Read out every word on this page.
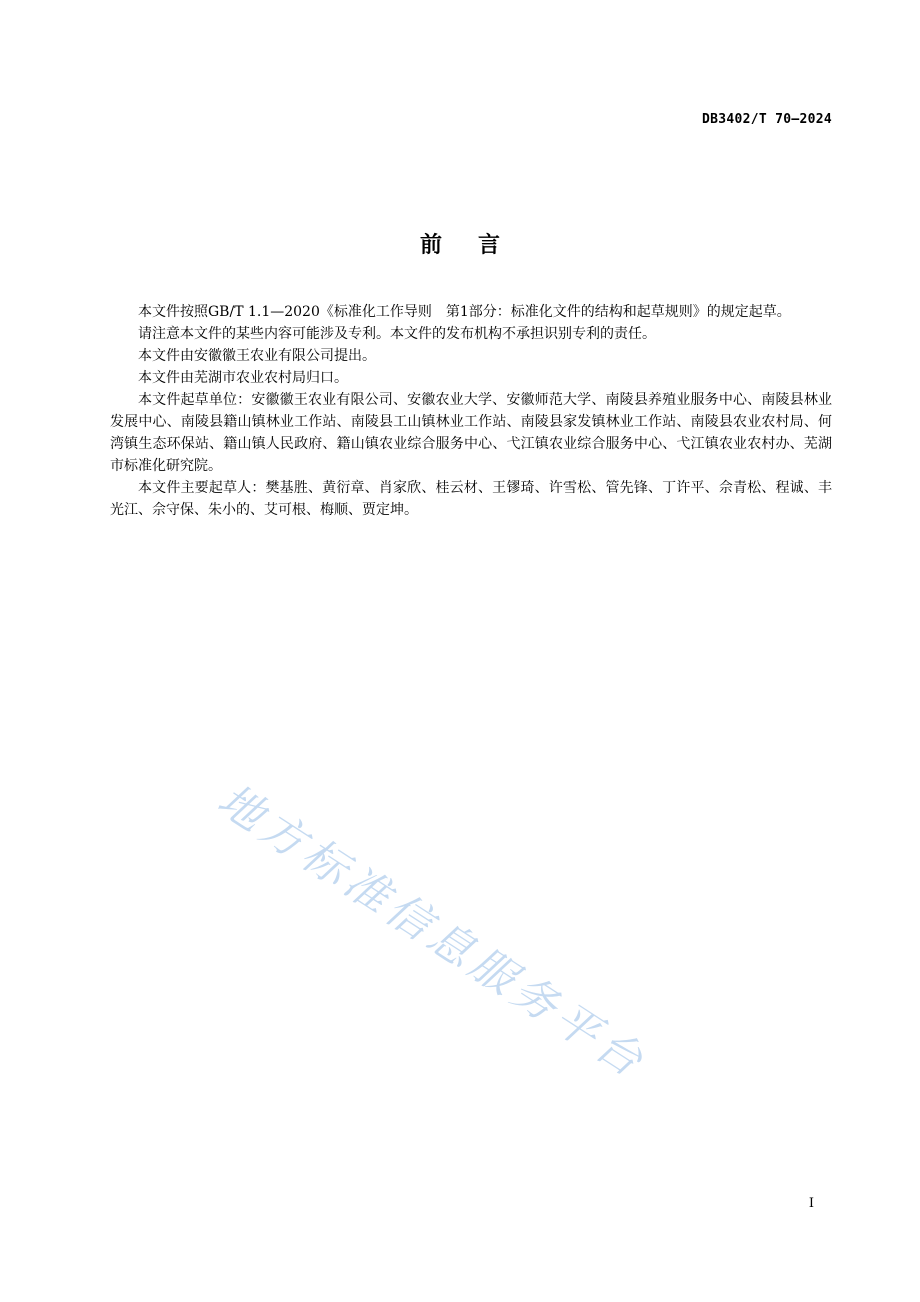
DB3402/T 70—2024
前言

本文件按照GB/T 1.1—2020《标准化工作导则　第1部分：标准化文件的结构和起草规则》的规定起草。

请注意本文件的某些内容可能涉及专利。本文件的发布机构不承担识别专利的责任。

本文件由安徽徽王农业有限公司提出。

本文件由芜湖市农业农村局归口。

本文件起草单位：安徽徽王农业有限公司、安徽农业大学、安徽师范大学、南陵县养殖业服务中心、南陵县林业发展中心、南陵县籍山镇林业工作站、南陵县工山镇林业工作站、南陵县家发镇林业工作站、南陵县农业农村局、何湾镇生态环保站、籍山镇人民政府、籍山镇农业综合服务中心、弋江镇农业综合服务中心、弋江镇农业农村办、芜湖市标准化研究院。

本文件主要起草人：樊基胜、黄衍章、肖家欣、桂云材、王镠琦、许雪松、管先锋、丁许平、佘青松、程诚、丰光江、佘守保、朱小的、艾可根、梅顺、贾定坤。

地方标准信息服务平台
I
